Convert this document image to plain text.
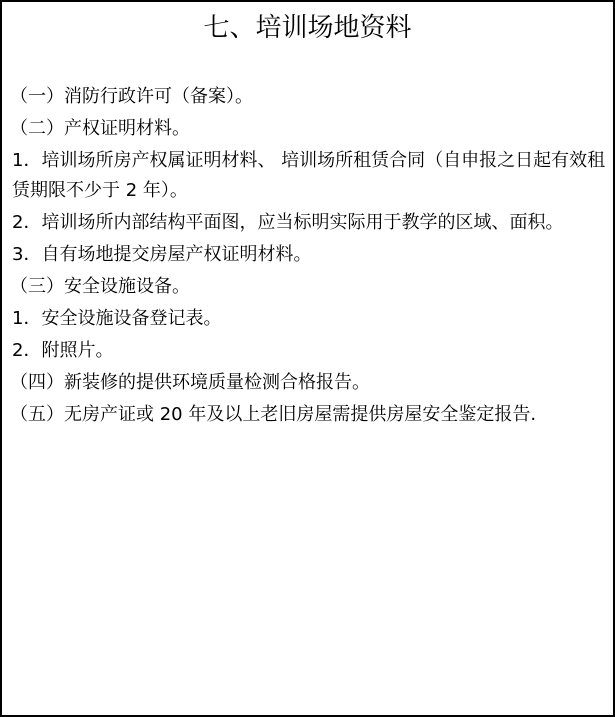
七、培训场地资料

（一）消防行政许可（备案）。

（二）产权证明材料。

1．培训场所房产权属证明材料、 培训场所租赁合同（自申报之日起有效租赁期限不少于 2 年）。

2．培训场所内部结构平面图，应当标明实际用于教学的区域、面积。

3．自有场地提交房屋产权证明材料。

（三）安全设施设备。

1．安全设施设备登记表。

2．附照片。

（四）新装修的提供环境质量检测合格报告。

（五）无房产证或 20 年及以上老旧房屋需提供房屋安全鉴定报告.
